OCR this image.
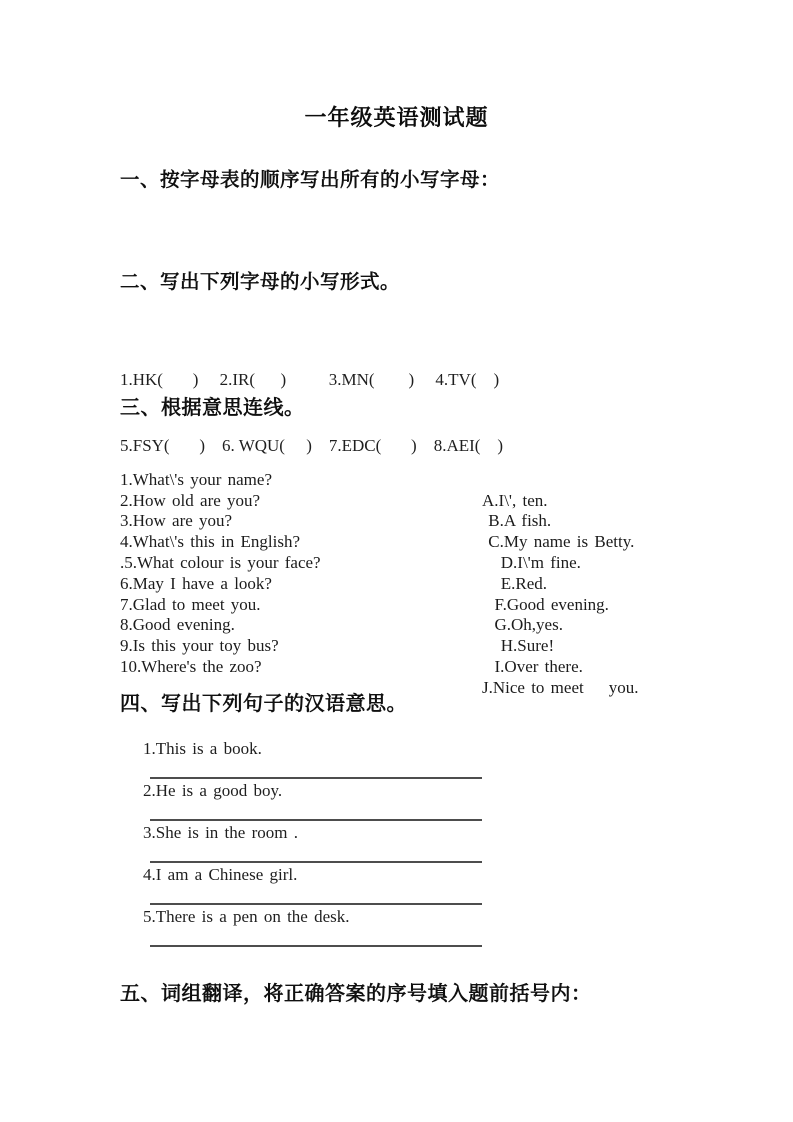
一年级英语测试题
一、按字母表的顺序写出所有的小写字母：
二、写出下列字母的小写形式。

1.HK(       )     2.IR(      )          3.MN(        )     4.TV(    )

5.FSY(       )    6. WQU(     )    7.EDC(       )    8.AEI(    )

三、根据意思连线。

1.What\'s your name?

A.I\', ten.

2.How old are you?

B.A fish.

3.How are you?

C.My name is Betty.

4.What\'s this in English?

D.I\'m fine.

.5.What colour is your face?

E.Red.

6.May I have a look?

F.Good evening.

7.Glad to meet you.

G.Oh,yes.

8.Good evening.

H.Sure!

9.Is this your toy bus?

I.Over there.

10.Where's the zoo?

J.Nice to meet    you.

四、写出下列句子的汉语意思。
1.This is a book.
2.He is a good boy.
3.She is in the room .
4.I am a Chinese girl.
5.There is a pen on the desk.
五、词组翻译，将正确答案的序号填入题前括号内：
